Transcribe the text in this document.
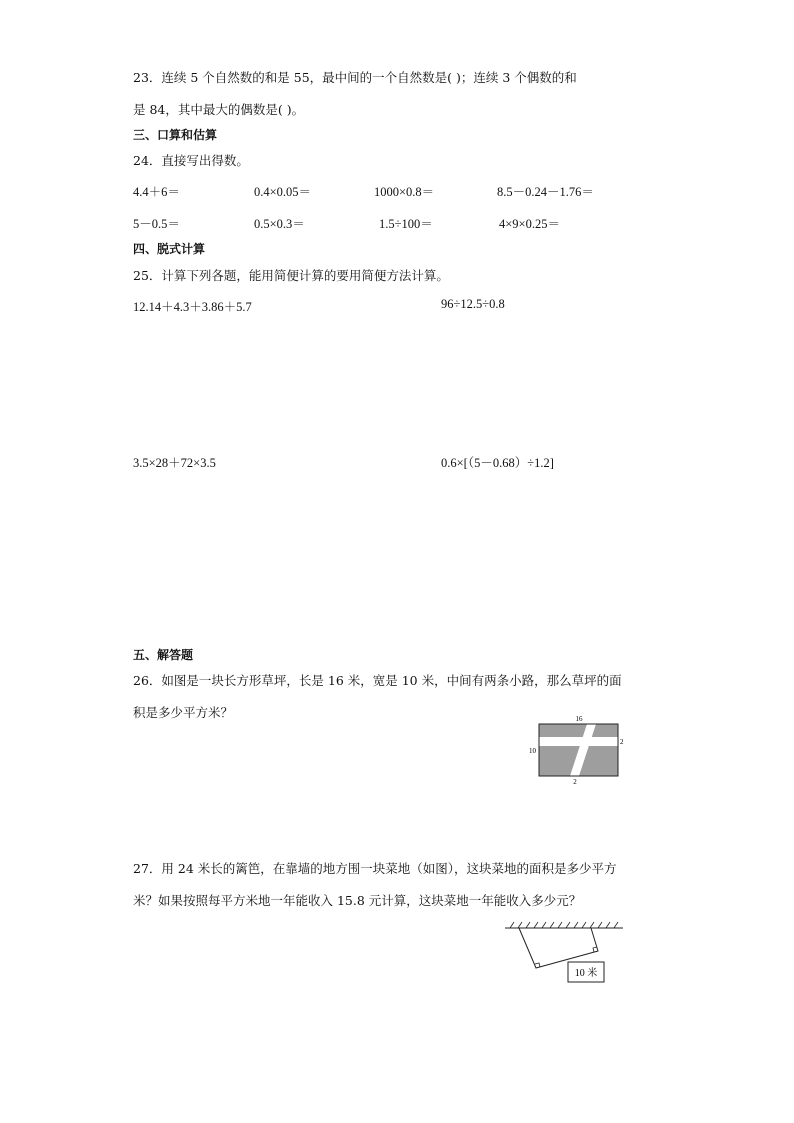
23．连续 5 个自然数的和是 55，最中间的一个自然数是( )；连续 3 个偶数的和
是 84，其中最大的偶数是( )。
三、口算和估算
24．直接写出得数。
4.4＋6＝	0.4×0.05＝	1000×0.8＝	8.5－0.24－1.76＝
5－0.5＝	0.5×0.3＝	1.5÷100＝	4×9×0.25＝
四、脱式计算
25．计算下列各题，能用简便计算的要用简便方法计算。
12.14＋4.3＋3.86＋5.7	96÷12.5÷0.8
3.5×28＋72×3.5	0.6×[（5－0.68）÷1.2]
五、解答题
26．如图是一块长方形草坪，长是 16 米，宽是 10 米，中间有两条小路，那么草坪的面
积是多少平方米？	16
10
2
2
27．用 24 米长的篱笆，在靠墙的地方围一块菜地（如图），这块菜地的面积是多少平方
米？如果按照每平方米地一年能收入 15.8 元计算，这块菜地一年能收入多少元？
10 米
